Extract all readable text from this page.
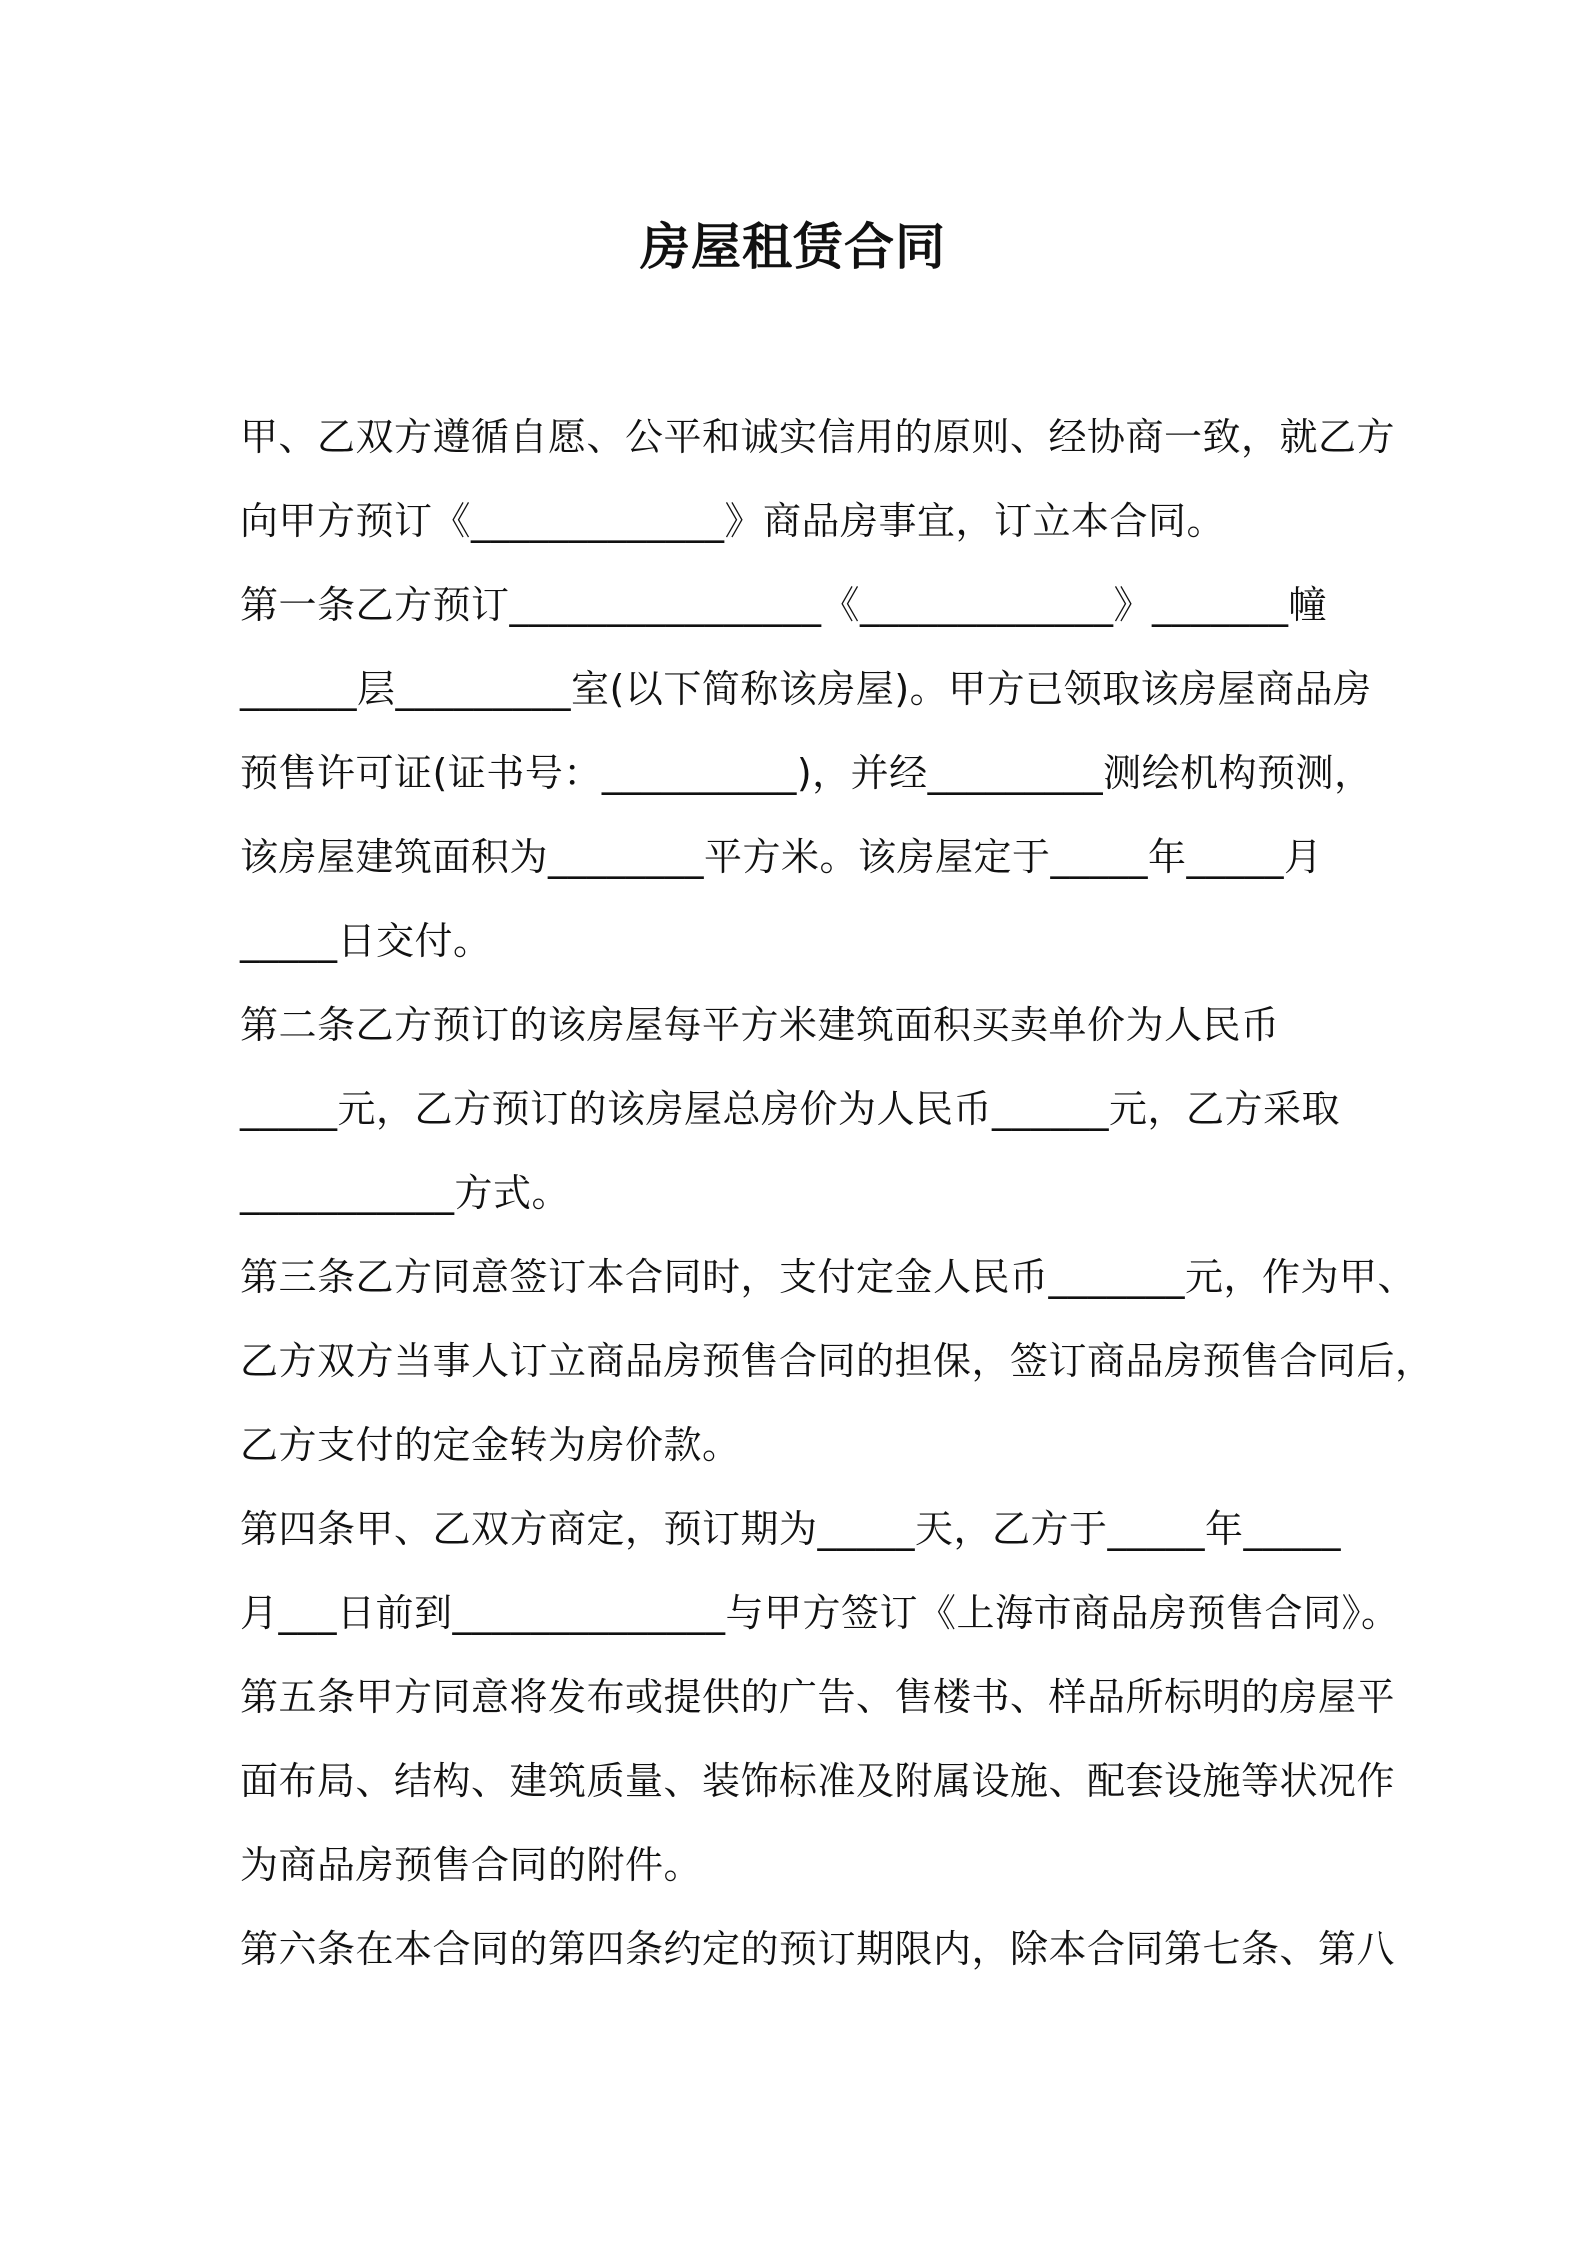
房屋租赁合同
甲、乙双方遵循自愿、公平和诚实信用的原则、经协商一致，就乙方
向甲方预订《_____________》商品房事宜，订立本合同。
第一条乙方预订________________《_____________》_______幢
______层_________室(以下简称该房屋)。甲方已领取该房屋商品房
预售许可证(证书号：__________)，并经_________测绘机构预测，
该房屋建筑面积为________平方米。该房屋定于_____年_____月
_____日交付。
第二条乙方预订的该房屋每平方米建筑面积买卖单价为人民币
_____元，乙方预订的该房屋总房价为人民币______元，乙方采取
___________方式。
第三条乙方同意签订本合同时，支付定金人民币_______元，作为甲、
乙方双方当事人订立商品房预售合同的担保，签订商品房预售合同后，
乙方支付的定金转为房价款。
第四条甲、乙双方商定，预订期为_____天，乙方于_____年_____
月___日前到______________与甲方签订《上海市商品房预售合同》。
第五条甲方同意将发布或提供的广告、售楼书、样品所标明的房屋平
面布局、结构、建筑质量、装饰标准及附属设施、配套设施等状况作
为商品房预售合同的附件。
第六条在本合同的第四条约定的预订期限内，除本合同第七条、第八
